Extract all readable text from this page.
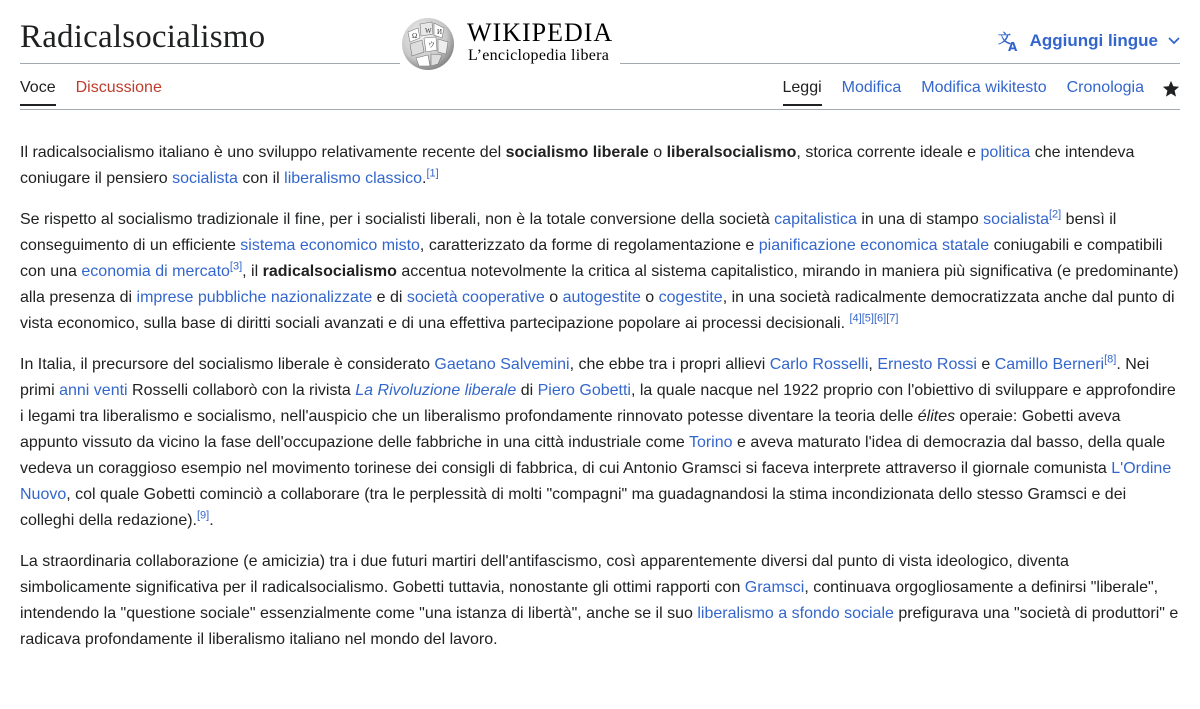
Radicalsocialismo	Ω
W И
ウ WIKIPEDIA
L’enciclopedia libera
文
A Aggiungi lingue
Voce Discussione	Leggi Modifica Modifica wikitesto Cronologia

Il radicalsocialismo italiano è uno sviluppo relativamente recente del socialismo liberale o liberalsocialismo, storica corrente ideale e politica che intendeva coniugare il pensiero socialista con il liberalismo classico.[1]

Se rispetto al socialismo tradizionale il fine, per i socialisti liberali, non è la totale conversione della società capitalistica in una di stampo socialista[2] bensì il conseguimento di un efficiente sistema economico misto, caratterizzato da forme di regolamentazione e pianificazione economica statale coniugabili e compatibili con una economia di mercato[3], il radicalsocialismo accentua notevolmente la critica al sistema capitalistico, mirando in maniera più significativa (e predominante) alla presenza di imprese pubbliche nazionalizzate e di società cooperative o autogestite o cogestite, in una società radicalmente democratizzata anche dal punto di vista economico, sulla base di diritti sociali avanzati e di una effettiva partecipazione popolare ai processi decisionali. [4][5][6][7]

In Italia, il precursore del socialismo liberale è considerato Gaetano Salvemini, che ebbe tra i propri allievi Carlo Rosselli, Ernesto Rossi e Camillo Berneri[8]. Nei primi anni venti Rosselli collaborò con la rivista La Rivoluzione liberale di Piero Gobetti, la quale nacque nel 1922 proprio con l'obiettivo di sviluppare e approfondire i legami tra liberalismo e socialismo, nell'auspicio che un liberalismo profondamente rinnovato potesse diventare la teoria delle élites operaie: Gobetti aveva appunto vissuto da vicino la fase dell'occupazione delle fabbriche in una città industriale come Torino e aveva maturato l'idea di democrazia dal basso, della quale vedeva un coraggioso esempio nel movimento torinese dei consigli di fabbrica, di cui Antonio Gramsci si faceva interprete attraverso il giornale comunista L'Ordine Nuovo, col quale Gobetti cominciò a collaborare (tra le perplessità di molti "compagni" ma guadagnandosi la stima incondizionata dello stesso Gramsci e dei colleghi della redazione).[9].

La straordinaria collaborazione (e amicizia) tra i due futuri martiri dell'antifascismo, così apparentemente diversi dal punto di vista ideologico, diventa simbolicamente significativa per il radicalsocialismo. Gobetti tuttavia, nonostante gli ottimi rapporti con Gramsci, continuava orgogliosamente a definirsi "liberale", intendendo la "questione sociale" essenzialmente come "una istanza di libertà", anche se il suo liberalismo a sfondo sociale prefigurava una "società di produttori" e radicava profondamente il liberalismo italiano nel mondo del lavoro.
